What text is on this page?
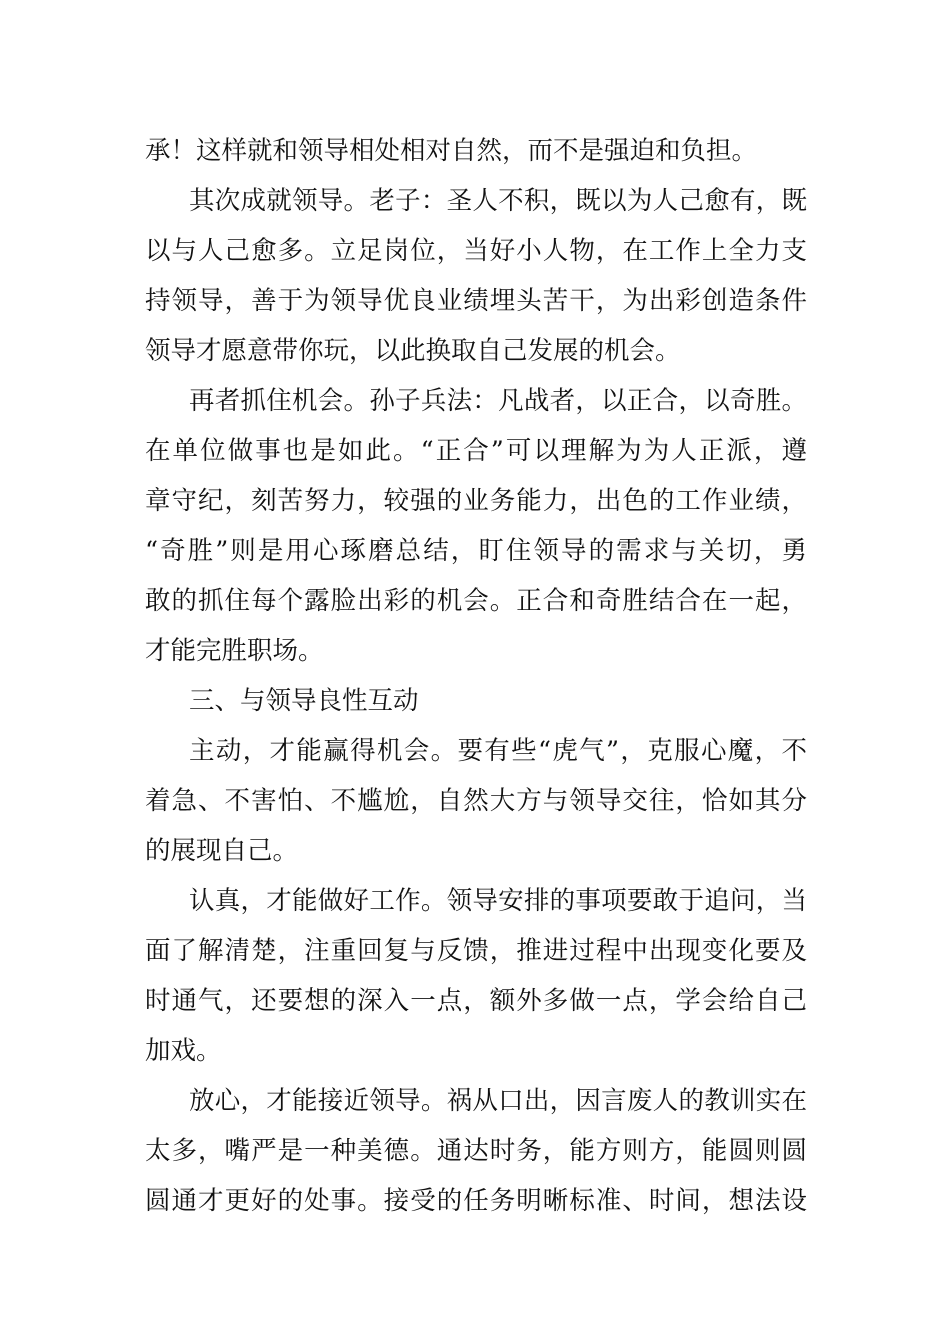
承！这样就和领导相处相对自然，而不是强迫和负担。
其次成就领导。老子：圣人不积，既以为人己愈有，既
以与人己愈多。立足岗位，当好小人物，在工作上全力支
持领导，善于为领导优良业绩埋头苦干，为出彩创造条件
领导才愿意带你玩，以此换取自己发展的机会。
再者抓住机会。孙子兵法：凡战者，以正合，以奇胜。
在单位做事也是如此。“正合”可以理解为为人正派，遵
章守纪，刻苦努力，较强的业务能力，出色的工作业绩，
“奇胜”则是用心琢磨总结，盯住领导的需求与关切，勇
敢的抓住每个露脸出彩的机会。正合和奇胜结合在一起，
才能完胜职场。
三、与领导良性互动
主动，才能赢得机会。要有些“虎气”，克服心魔，不
着急、不害怕、不尴尬，自然大方与领导交往，恰如其分
的展现自己。
认真，才能做好工作。领导安排的事项要敢于追问，当
面了解清楚，注重回复与反馈，推进过程中出现变化要及
时通气，还要想的深入一点，额外多做一点，学会给自己
加戏。
放心，才能接近领导。祸从口出，因言废人的教训实在
太多，嘴严是一种美德。通达时务，能方则方，能圆则圆
圆通才更好的处事。接受的任务明晰标准、时间，想法设
